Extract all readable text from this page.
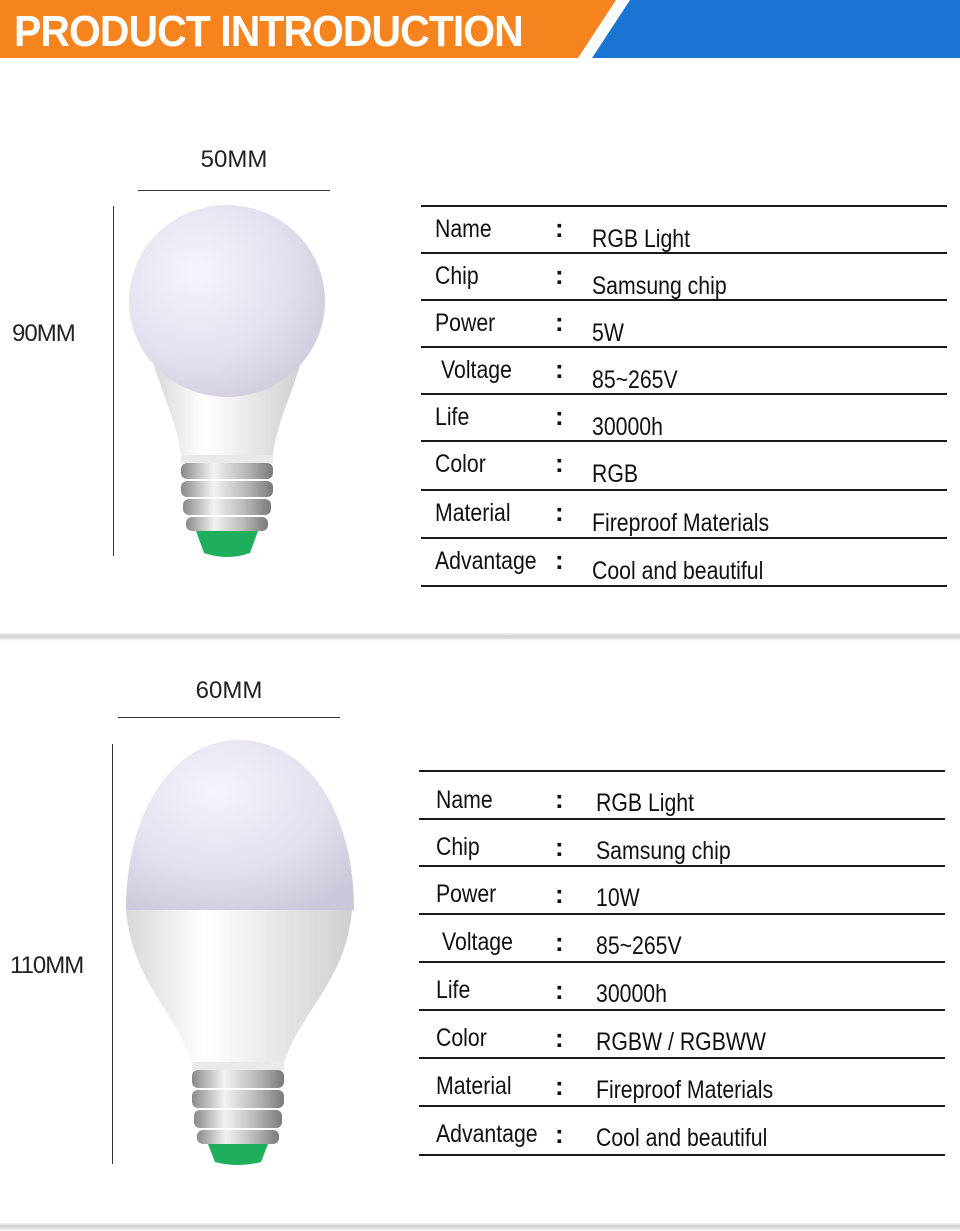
PRODUCT INTRODUCTION
50MM
90MM
Name : RGB Light
Chip	: Samsung chip
Power : 5W
Voltage : 85~265V
Life	: 30000h
Color	: RGB
Material : Fireproof Materials
Advantage : Cool and beautiful
60MM
110MM
Name : RGB Light
Chip	: Samsung chip
Power : 10W
Voltage : 85~265V
Life	: 30000h
Color	: RGBW / RGBWW
Material : Fireproof Materials
Advantage : Cool and beautiful
